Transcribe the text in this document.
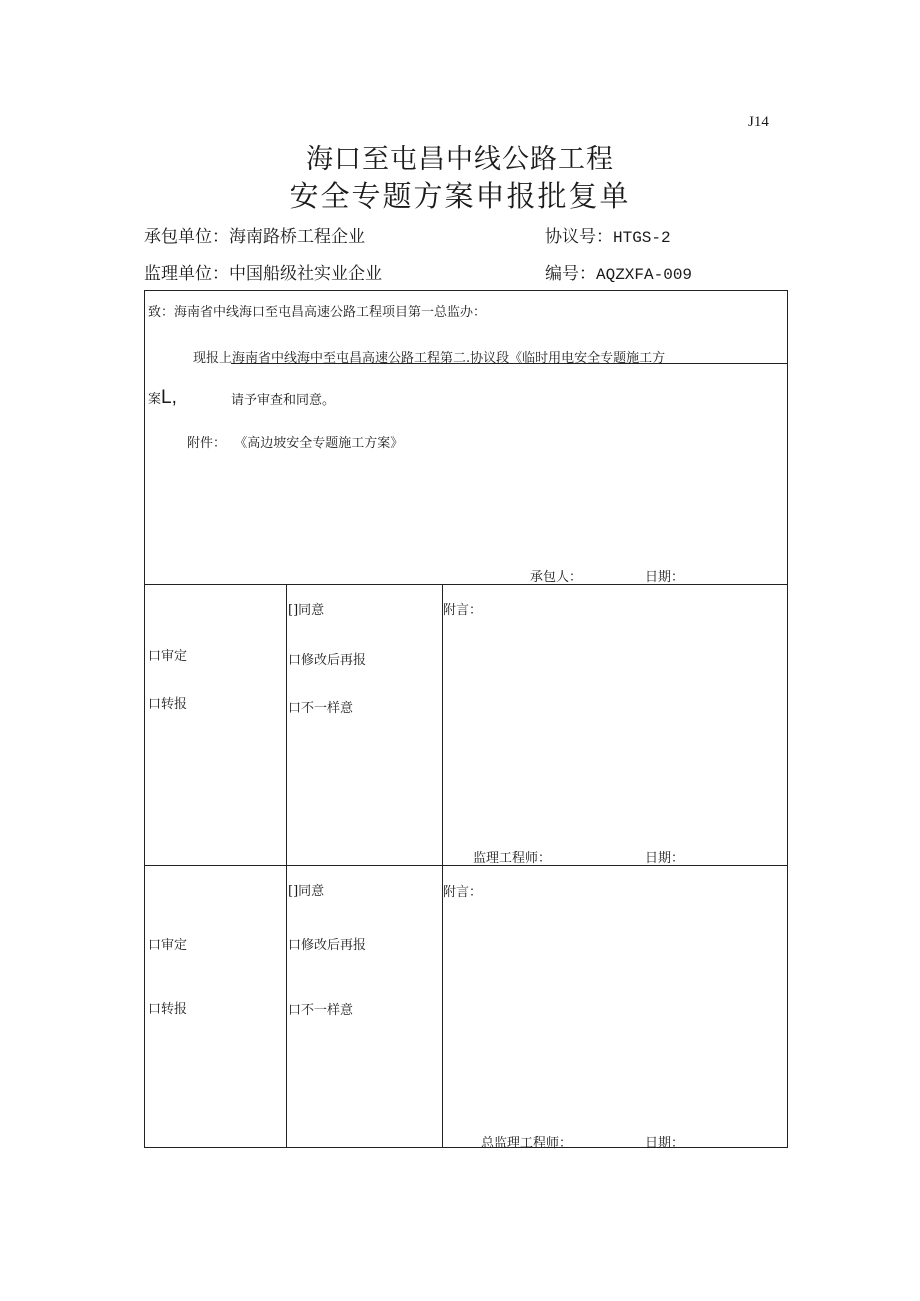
J14
海口至屯昌中线公路工程
安全专题方案申报批复单
承包单位：海南路桥工程企业	协议号：HTGS-2
监理单位：中国船级社实业企业	编号：AQZXFA-009
致：海南省中线海口至屯昌高速公路工程项目第一总监办：
现报上海南省中线海中至屯昌高速公路工程第二.协议段《临时用电安全专题施工方
案L,	请予审查和同意。
附件： 《高边坡安全专题施工方案》
承包人：	日期：
口审定
口转报
[]同意
口修改后再报
口不一样意
附言：
监理工程师：	日期：
口审定
口转报
[]同意
口修改后再报
口不一样意
附言：
总监理工程师：	日期：
